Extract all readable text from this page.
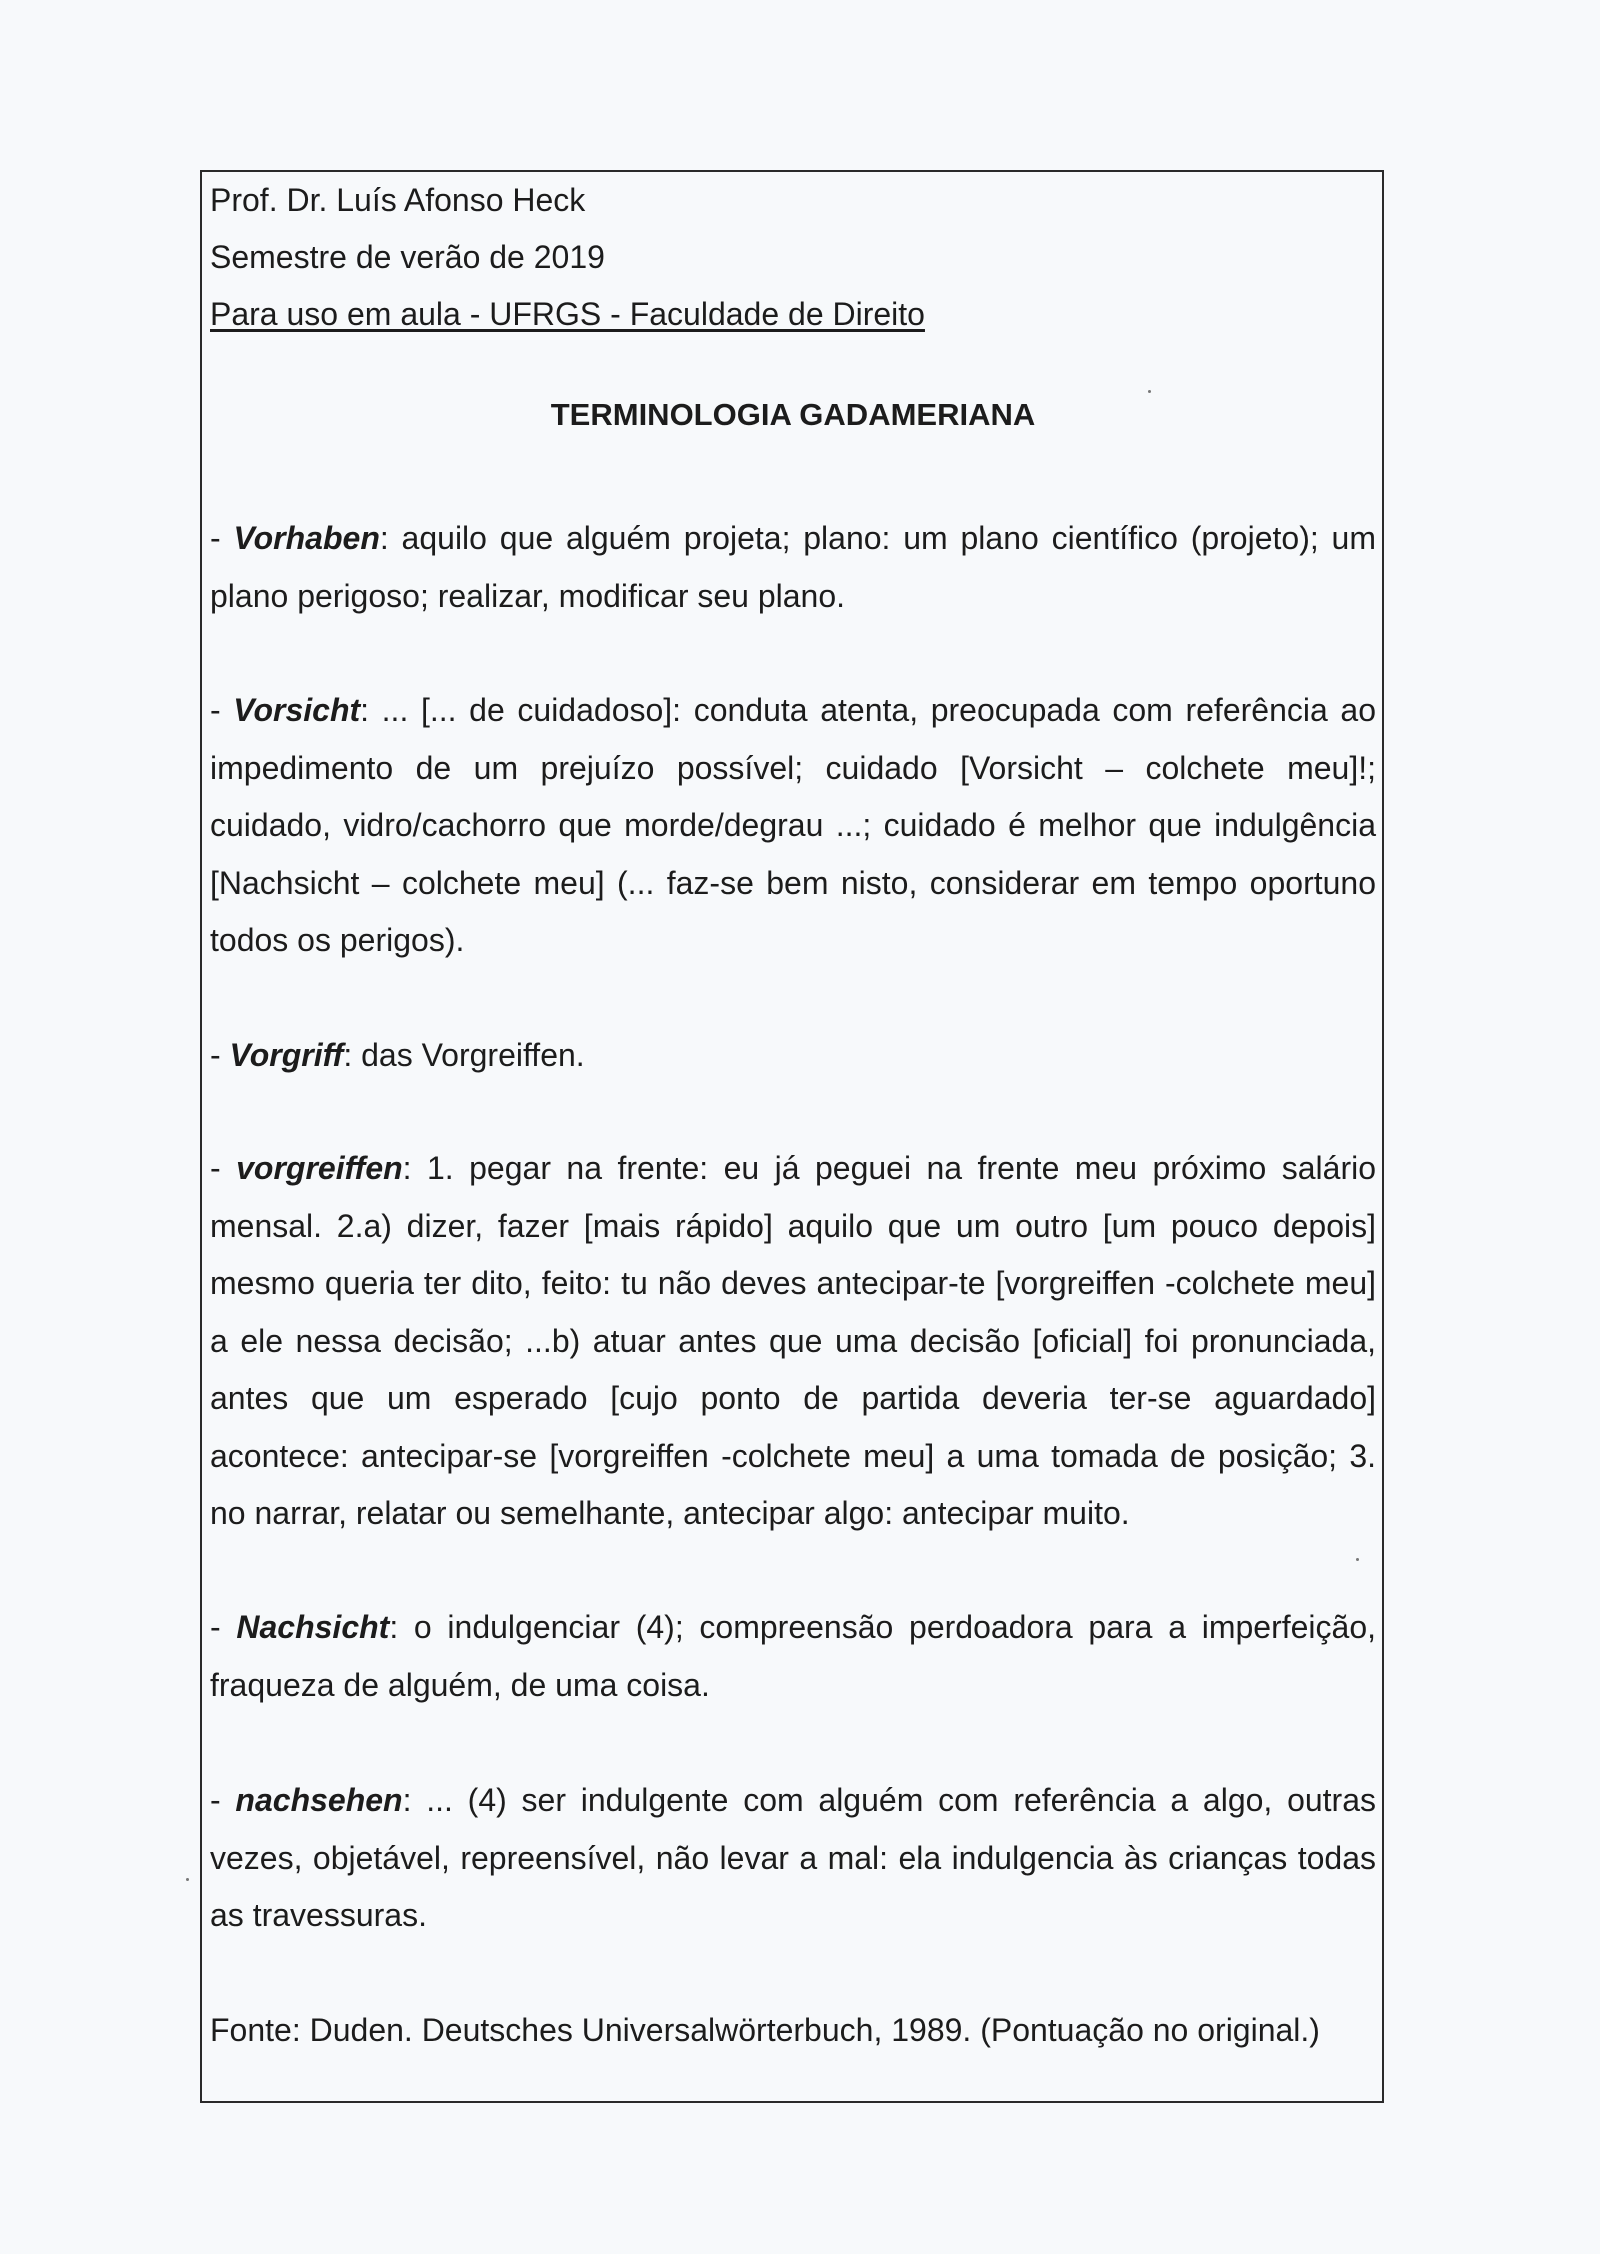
Prof. Dr. Luís Afonso Heck

Semestre de verão de 2019

Para uso em aula - UFRGS - Faculdade de Direito

TERMINOLOGIA GADAMERIANA

- Vorhaben: aquilo que alguém projeta; plano: um plano científico (projeto); um plano perigoso; realizar, modificar seu plano.

- Vorsicht: ... [... de cuidadoso]: conduta atenta, preocupada com referência ao impedimento de um prejuízo possível; cuidado [Vorsicht – colchete meu]!; cuidado, vidro/cachorro que morde/degrau ...; cuidado é melhor que indulgência [Nachsicht – colchete meu] (... faz-se bem nisto, considerar em tempo oportuno todos os perigos).

- Vorgriff: das Vorgreiffen.

- vorgreiffen: 1. pegar na frente: eu já peguei na frente meu próximo salário mensal. 2.a) dizer, fazer [mais rápido] aquilo que um outro [um pouco depois] mesmo queria ter dito, feito: tu não deves antecipar-te [vorgreiffen -colchete meu] a ele nessa decisão; ...b) atuar antes que uma decisão [oficial] foi pronunciada, antes que um esperado [cujo ponto de partida deveria ter-se aguardado] acontece: antecipar-se [vorgreiffen -colchete meu] a uma tomada de posição; 3. no narrar, relatar ou semelhante, antecipar algo: antecipar muito.

- Nachsicht: o indulgenciar (4); compreensão perdoadora para a imperfeição, fraqueza de alguém, de uma coisa.

- nachsehen: ... (4) ser indulgente com alguém com referência a algo, outras vezes, objetável, repreensível, não levar a mal: ela indulgencia às crianças todas as travessuras.

Fonte: Duden. Deutsches Universalwörterbuch, 1989. (Pontuação no original.)
